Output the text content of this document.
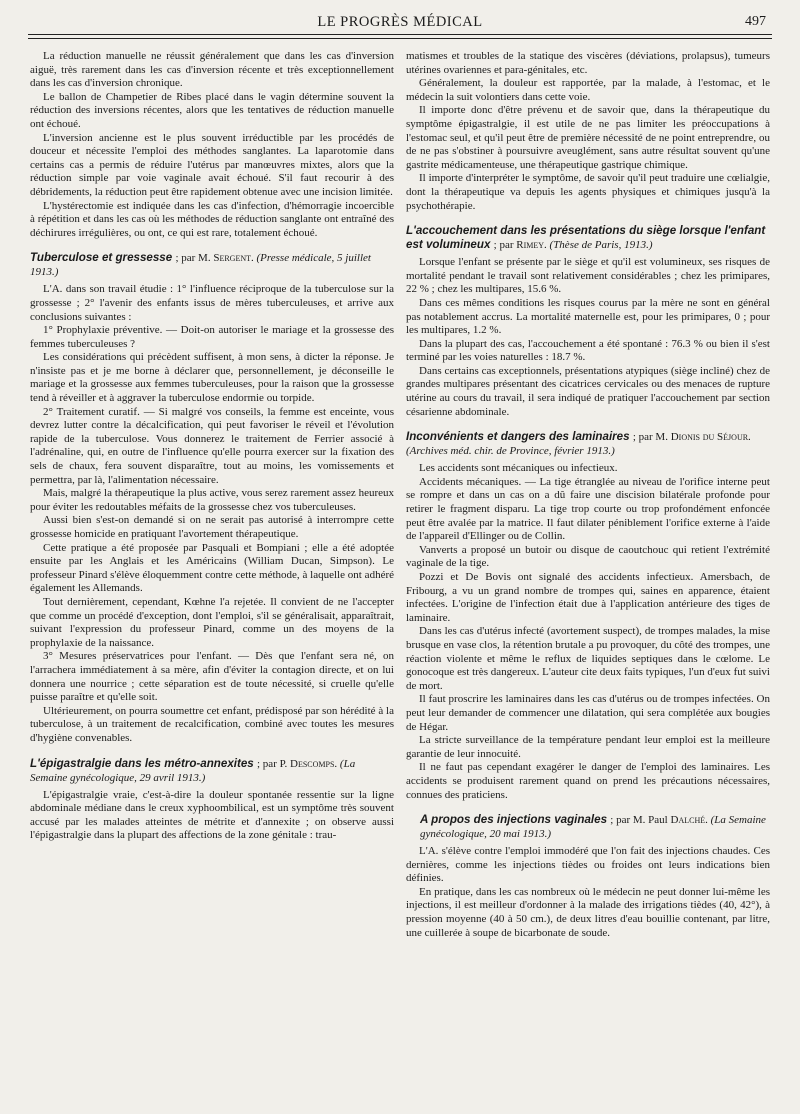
LE PROGRÈS MÉDICAL	497

La réduction manuelle ne réussit généralement que dans les cas d'inversion aiguë, très rarement dans les cas d'inversion récente et très exceptionnellement dans les cas d'inversion chronique.

Le ballon de Champetier de Ribes placé dans le vagin détermine souvent la réduction des inversions récentes, alors que les tentatives de réduction manuelle ont échoué.

L'inversion ancienne est le plus souvent irréductible par les procédés de douceur et nécessite l'emploi des méthodes sanglantes. La laparotomie dans certains cas a permis de réduire l'utérus par manœuvres mixtes, alors que la réduction simple par voie vaginale avait échoué. S'il faut recourir à des débridements, la réduction peut être rapidement obtenue avec une incision limitée.

L'hystérectomie est indiquée dans les cas d'infection, d'hémorragie incoercible à répétition et dans les cas où les méthodes de réduction sanglante ont entraîné des déchirures irrégulières, ou ont, ce qui est rare, totalement échoué.

Tuberculose et gressesse ; par M. Sergent. (Presse médicale, 5 juillet 1913.)

L'A. dans son travail étudie : 1° l'influence réciproque de la tuberculose sur la grossesse ; 2° l'avenir des enfants issus de mères tuberculeuses, et arrive aux conclusions suivantes :

1° Prophylaxie préventive. — Doit-on autoriser le mariage et la grossesse des femmes tuberculeuses ?

Les considérations qui précèdent suffisent, à mon sens, à dicter la réponse. Je n'insiste pas et je me borne à déclarer que, personnellement, je déconseille le mariage et la grossesse aux femmes tuberculeuses, pour la raison que la grossesse tend à réveiller et à aggraver la tuberculose endormie ou torpide.

2° Traitement curatif. — Si malgré vos conseils, la femme est enceinte, vous devrez lutter contre la décalcification, qui peut favoriser le réveil et l'évolution rapide de la tuberculose. Vous donnerez le traitement de Ferrier associé à l'adrénaline, qui, en outre de l'influence qu'elle pourra exercer sur la fixation des sels de chaux, fera souvent disparaître, tout au moins, les vomissements et permettra, par là, l'alimentation nécessaire.

Mais, malgré la thérapeutique la plus active, vous serez rarement assez heureux pour éviter les redoutables méfaits de la grossesse chez vos tuberculeuses.

Aussi bien s'est-on demandé si on ne serait pas autorisé à interrompre cette grossesse homicide en pratiquant l'avortement thérapeutique.

Cette pratique a été proposée par Pasquali et Bompiani ; elle a été adoptée ensuite par les Anglais et les Américains (William Ducan, Simpson). Le professeur Pinard s'élève éloquemment contre cette méthode, à laquelle ont adhéré également les Allemands.

Tout dernièrement, cependant, Kœhne l'a rejetée. Il convient de ne l'accepter que comme un procédé d'exception, dont l'emploi, s'il se généralisait, apparaîtrait, suivant l'expression du professeur Pinard, comme un des moyens de la prophylaxie de la naissance.

3° Mesures préservatrices pour l'enfant. — Dès que l'enfant sera né, on l'arrachera immédiatement à sa mère, afin d'éviter la contagion directe, et on lui donnera une nourrice ; cette séparation est de toute nécessité, si cruelle qu'elle puisse paraître et qu'elle soit.

Ultérieurement, on pourra soumettre cet enfant, prédisposé par son hérédité à la tuberculose, à un traitement de recalcification, combiné avec toutes les mesures d'hygiène convenables.

L'épigastralgie dans les métro-annexites ; par P. Descomps. (La Semaine gynécologique, 29 avril 1913.)

L'épigastralgie vraie, c'est-à-dire la douleur spontanée ressentie sur la ligne abdominale médiane dans le creux xyphoombilical, est un symptôme très souvent accusé par les malades atteintes de métrite et d'annexite ; on observe aussi l'épigastralgie dans la plupart des affections de la zone génitale : trau-

matismes et troubles de la statique des viscères (déviations, prolapsus), tumeurs utérines ovariennes et para-génitales, etc.

Généralement, la douleur est rapportée, par la malade, à l'estomac, et le médecin la suit volontiers dans cette voie.

Il importe donc d'être prévenu et de savoir que, dans la thérapeutique du symptôme épigastralgie, il est utile de ne pas limiter les préoccupations à l'estomac seul, et qu'il peut être de première nécessité de ne point entreprendre, ou de ne pas s'obstiner à poursuivre aveuglément, sans autre résultat souvent qu'une gastrite médicamenteuse, une thérapeutique gastrique chimique.

Il importe d'interpréter le symptôme, de savoir qu'il peut traduire une cœlialgie, dont la thérapeutique va depuis les agents physiques et chimiques jusqu'à la psychothérapie.

L'accouchement dans les présentations du siège lorsque l'enfant est volumineux ; par Rimey. (Thèse de Paris, 1913.)

Lorsque l'enfant se présente par le siège et qu'il est volumineux, ses risques de mortalité pendant le travail sont relativement considérables ; chez les primipares, 22 % ; chez les multipares, 15.6 %.

Dans ces mêmes conditions les risques courus par la mère ne sont en général pas notablement accrus. La mortalité maternelle est, pour les primipares, 0 ; pour les multipares, 1.2 %.

Dans la plupart des cas, l'accouchement a été spontané : 76.3 % ou bien il s'est terminé par les voies naturelles : 18.7 %.

Dans certains cas exceptionnels, présentations atypiques (siège incliné) chez de grandes multipares présentant des cicatrices cervicales ou des menaces de rupture utérine au cours du travail, il sera indiqué de pratiquer l'accouchement par section césarienne abdominale.

Inconvénients et dangers des laminaires ; par M. Dionis du Séjour. (Archives méd. chir. de Province, février 1913.)

Les accidents sont mécaniques ou infectieux.

Accidents mécaniques. — La tige étranglée au niveau de l'orifice interne peut se rompre et dans un cas on a dû faire une discision bilatérale profonde pour retirer le fragment disparu. La tige trop courte ou trop profondément enfoncée peut être avalée par la matrice. Il faut dilater péniblement l'orifice externe à l'aide de l'appareil d'Ellinger ou de Collin.

Vanverts a proposé un butoir ou disque de caoutchouc qui retient l'extrémité vaginale de la tige.

Pozzi et De Bovis ont signalé des accidents infectieux. Amersbach, de Fribourg, a vu un grand nombre de trompes qui, saines en apparence, étaient infectées. L'origine de l'infection était due à l'application antérieure des tiges de laminaire.

Dans les cas d'utérus infecté (avortement suspect), de trompes malades, la mise brusque en vase clos, la rétention brutale a pu provoquer, du côté des trompes, une réaction violente et même le reflux de liquides septiques dans le cœlome. Le gonocoque est très dangereux. L'auteur cite deux faits typiques, l'un d'eux fut suivi de mort.

Il faut proscrire les laminaires dans les cas d'utérus ou de trompes infectées. On peut leur demander de commencer une dilatation, qui sera complétée aux bougies de Hégar.

La stricte surveillance de la température pendant leur emploi est la meilleure garantie de leur innocuité.

Il ne faut pas cependant exagérer le danger de l'emploi des laminaires. Les accidents se produisent rarement quand on prend les précautions nécessaires, connues des praticiens.

A propos des injections vaginales ; par M. Paul Dalché. (La Semaine gynécologique, 20 mai 1913.)

L'A. s'élève contre l'emploi immodéré que l'on fait des injections chaudes. Ces dernières, comme les injections tièdes ou froides ont leurs indications bien définies.

En pratique, dans les cas nombreux où le médecin ne peut donner lui-même les injections, il est meilleur d'ordonner à la malade des irrigations tièdes (40, 42°), à pression moyenne (40 à 50 cm.), de deux litres d'eau bouillie contenant, par litre, une cuillerée à soupe de bicarbonate de soude.
